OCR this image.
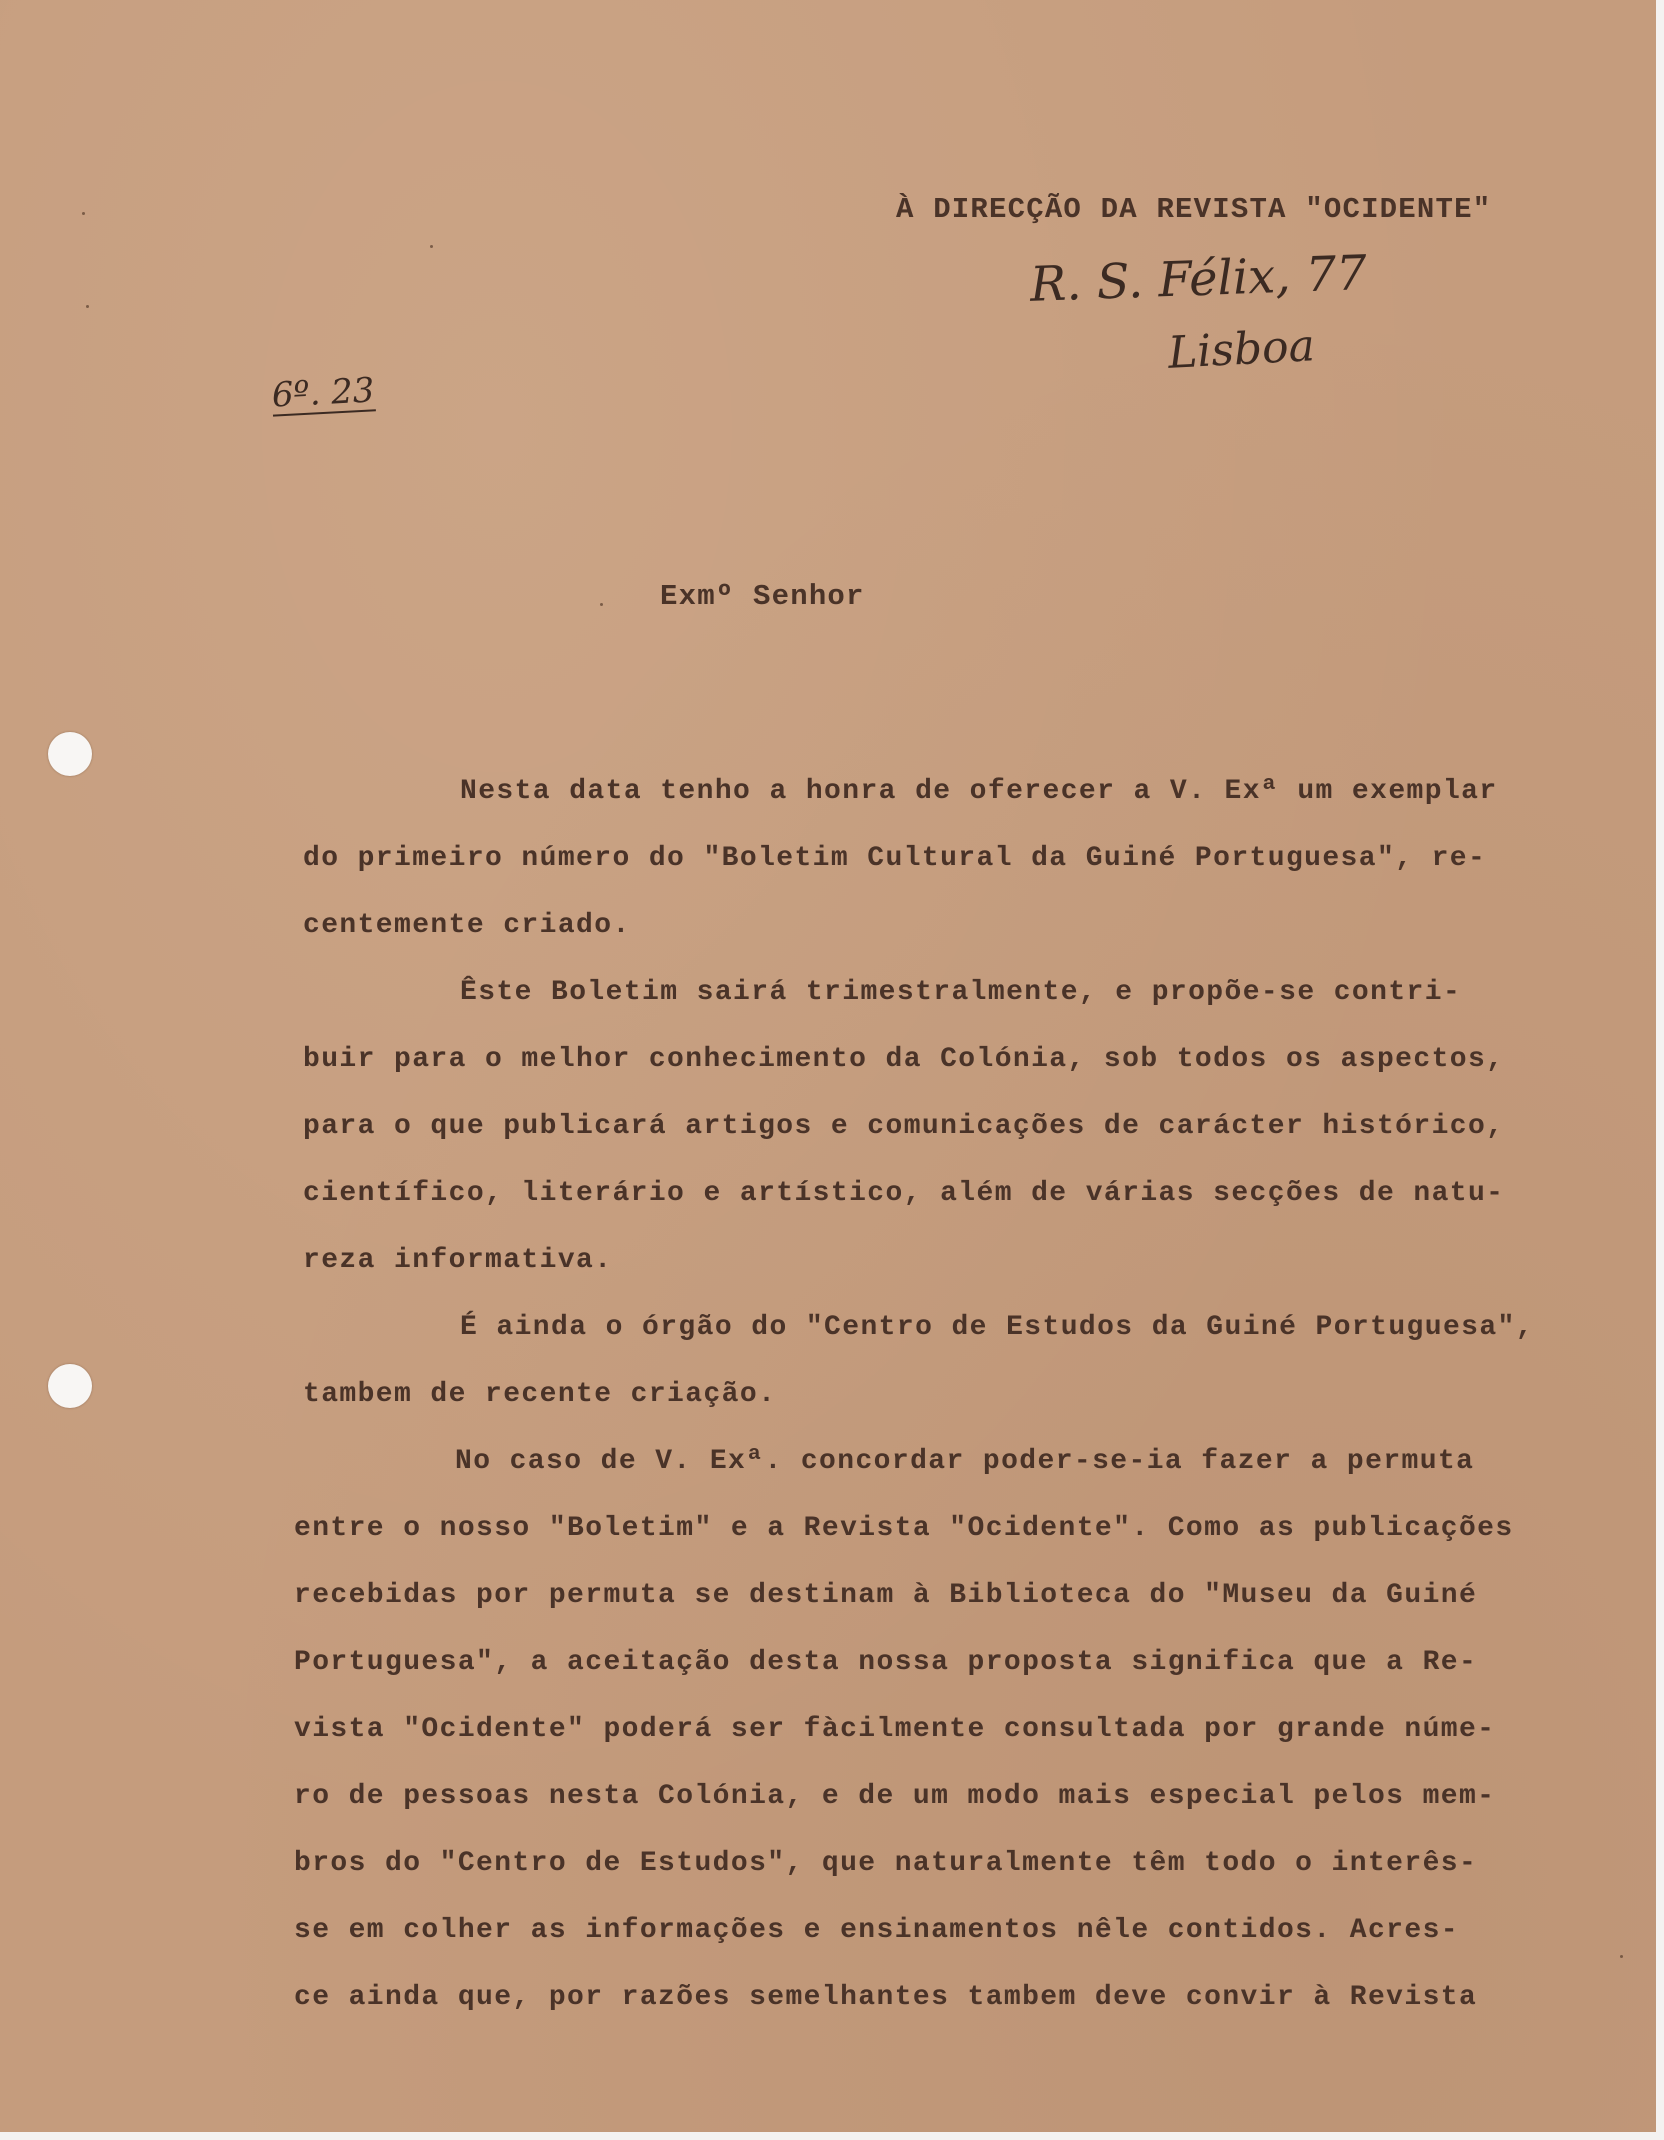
À DIRECÇÃO DA REVISTA "OCIDENTE"
R. S. Félix, 77
Lisboa
6º. 23
Exmº Senhor
Nesta data tenho a honra de oferecer a V. Exª um exemplar
do primeiro número do "Boletim Cultural da Guiné Portuguesa", re-
centemente criado.
Êste Boletim sairá trimestralmente, e propõe-se contri-
buir para o melhor conhecimento da Colónia, sob todos os aspectos,
para o que publicará artigos e comunicações de carácter histórico,
científico, literário e artístico, além de várias secções de natu-
reza informativa.
É ainda o órgão do "Centro de Estudos da Guiné Portuguesa",
tambem de recente criação.
No caso de V. Exª. concordar poder-se-ia fazer a permuta
entre o nosso "Boletim" e a Revista "Ocidente". Como as publicações
recebidas por permuta se destinam à Biblioteca do "Museu da Guiné
Portuguesa", a aceitação desta nossa proposta significa que a Re-
vista "Ocidente" poderá ser fàcilmente consultada por grande núme-
ro de pessoas nesta Colónia, e de um modo mais especial pelos mem-
bros do "Centro de Estudos", que naturalmente têm todo o interês-
se em colher as informações e ensinamentos nêle contidos. Acres-
ce ainda que, por razões semelhantes tambem deve convir à Revista
